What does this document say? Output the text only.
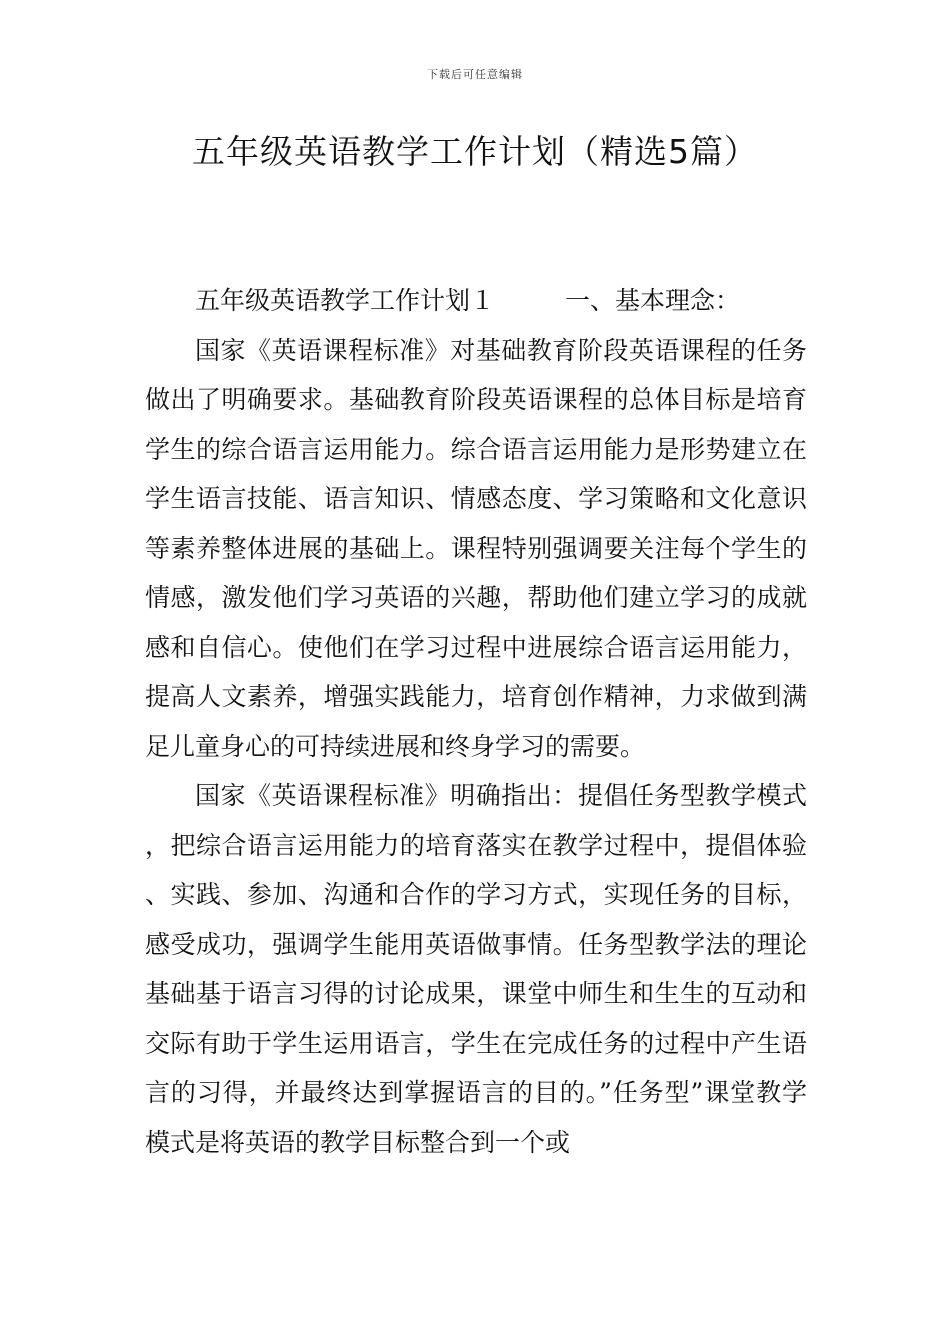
下载后可任意编辑
五年级英语教学工作计划（精选5篇）

五年级英语教学工作计划１	一、基本理念：

国家《英语课程标准》对基础教育阶段英语课程的任务做出了明确要求。基础教育阶段英语课程的总体目标是培育学生的综合语言运用能力。综合语言运用能力是形势建立在学生语言技能、语言知识、情感态度、学习策略和文化意识等素养整体进展的基础上。课程特别强调要关注每个学生的情感，激发他们学习英语的兴趣，帮助他们建立学习的成就感和自信心。使他们在学习过程中进展综合语言运用能力，提高人文素养，增强实践能力，培育创作精神，力求做到满足儿童身心的可持续进展和终身学习的需要。

国家《英语课程标准》明确指出：提倡任务型教学模式，把综合语言运用能力的培育落实在教学过程中，提倡体验、实践、参加、沟通和合作的学习方式，实现任务的目标，感受成功，强调学生能用英语做事情。任务型教学法的理论基础基于语言习得的讨论成果，课堂中师生和生生的互动和交际有助于学生运用语言，学生在完成任务的过程中产生语言的习得，并最终达到掌握语言的目的。”任务型”课堂教学模式是将英语的教学目标整合到一个或
